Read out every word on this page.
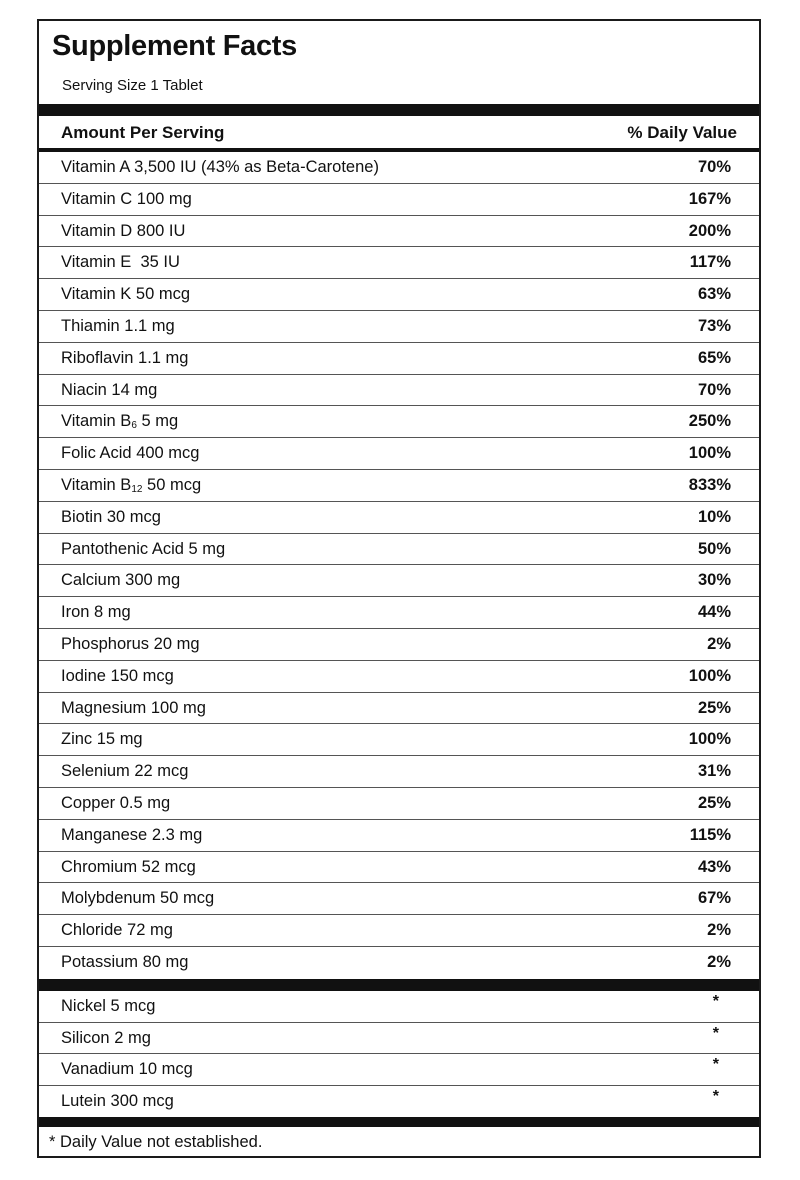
Supplement Facts
Serving Size 1 Tablet
Amount Per Serving	% Daily Value
Vitamin A 3,500 IU (43% as Beta-Carotene)	70%
Vitamin C 100 mg	167%
Vitamin D 800 IU	200%
Vitamin E  35 IU	117%
Vitamin K 50 mcg	63%
Thiamin 1.1 mg	73%
Riboflavin 1.1 mg	65%
Niacin 14 mg	70%
Vitamin $B_6$ 5 mg	250%
Folic Acid 400 mcg	100%
Vitamin $B_{12}$ 50 mcg	833%
Biotin 30 mcg	10%
Pantothenic Acid 5 mg	50%
Calcium 300 mg	30%
Iron 8 mg	44%
Phosphorus 20 mg	2%
Iodine 150 mcg	100%
Magnesium 100 mg	25%
Zinc 15 mg	100%
Selenium 22 mcg	31%
Copper 0.5 mg	25%
Manganese 2.3 mg	115%
Chromium 52 mcg	43%
Molybdenum 50 mcg	67%
Chloride 72 mg	2%
Potassium 80 mg	2%
Nickel 5 mcg	*
Silicon 2 mg	*
Vanadium 10 mcg	*
Lutein 300 mcg	*
* Daily Value not established.
